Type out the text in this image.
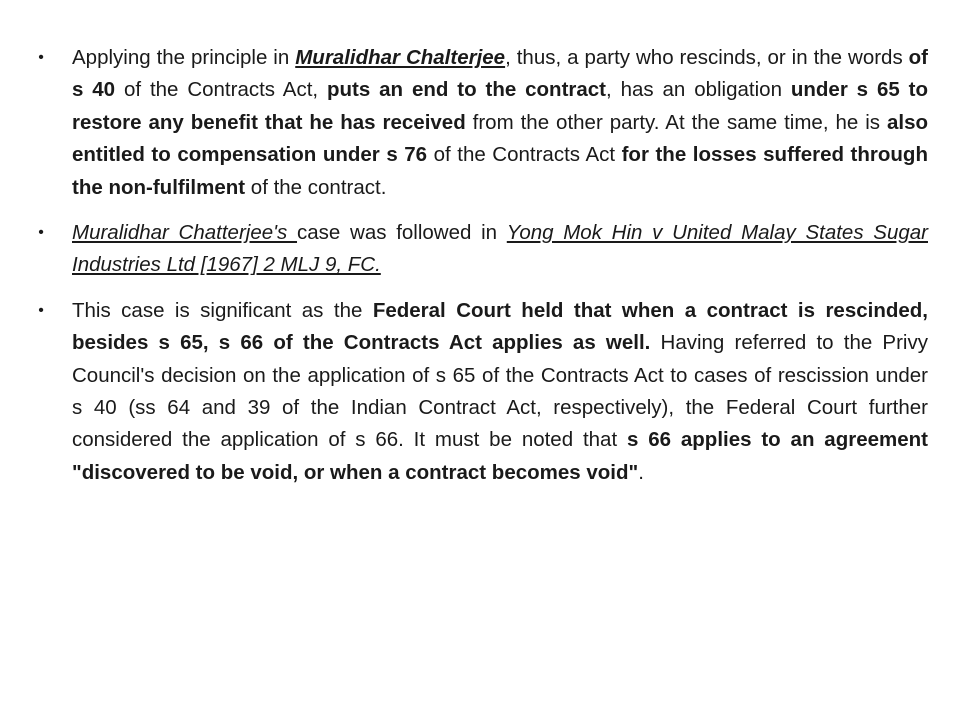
• Applying the principle in Muralidhar Chalterjee, thus, a party who rescinds, or in the words of s 40 of the Contracts Act, puts an end to the contract, has an obligation under s 65 to restore any benefit that he has received from the other party. At the same time, he is also entitled to compensation under s 76 of the Contracts Act for the losses suffered through the non-fulfilment of the contract.
• Muralidhar Chatterjee's case was followed in Yong Mok Hin v United Malay States Sugar Industries Ltd [1967] 2 MLJ 9, FC.
• This case is significant as the Federal Court held that when a contract is rescinded, besides s 65, s 66 of the Contracts Act applies as well. Having referred to the Privy Council's decision on the application of s 65 of the Contracts Act to cases of rescission under s 40 (ss 64 and 39 of the Indian Contract Act, respectively), the Federal Court further considered the application of s 66. It must be noted that s 66 applies to an agreement "discovered to be void, or when a contract becomes void".
